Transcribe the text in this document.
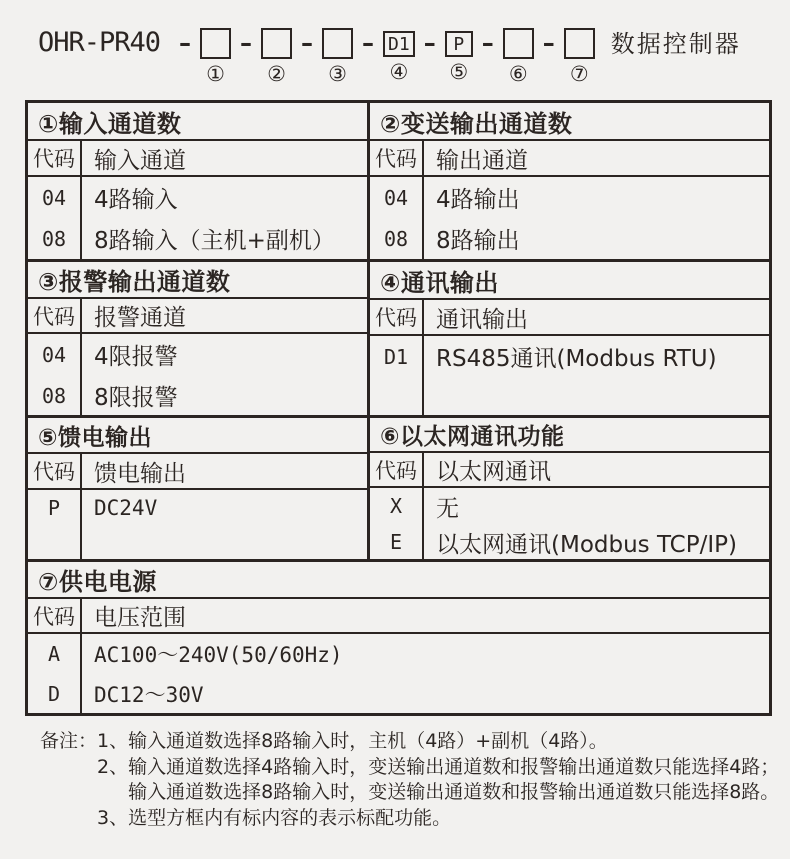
OHR-PR40 –
①
–
②
–
③
– D1
④
– P
⑤
–
⑥
–
⑦
数据控制器
①输入通道数
代码 输入通道
04
08
4路输入
8路输入（主机+副机）
③报警输出通道数
代码 报警通道
04
08
4限报警
8限报警
⑤馈电输出
代码 馈电输出
P	DC24V
②变送输出通道数
代码 输出通道
04
08
4路输出
8路输出
④通讯输出
代码 通讯输出
D1	RS485通讯(Modbus RTU)
⑥以太网通讯功能
代码 以太网通讯
X
E
无
以太网通讯(Modbus TCP/IP)
⑦供电电源
代码 电压范围
A
D
AC100～240V(50/60Hz)
DC12～30V
备注： 1、 输入通道数选择8路输入时，主机（4路）+副机（4路）。
2、 输入通道数选择4路输入时，变送输出通道数和报警输出通道数只能选择4路；
输入通道数选择8路输入时，变送输出通道数和报警输出通道数只能选择8路。
3、 选型方框内有标内容的表示标配功能。
